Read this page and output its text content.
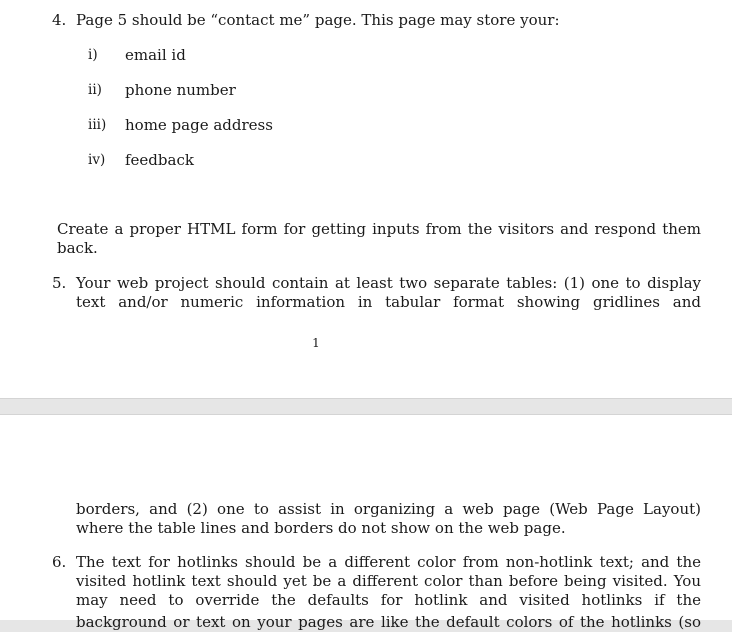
4. Page 5 should be “contact me” page. This page may store your:
i) email id
ii) phone number
iii) home page address
iv) feedback
Create a proper HTML form for getting inputs from the visitors and respond them
back.
5. Your web project should contain at least two separate tables: (1) one to display
text and/or numeric information in tabular format showing gridlines and
1
borders, and (2) one to assist in organizing a web page (Web Page Layout)
where the table lines and borders do not show on the web page.
6. The text for hotlinks should be a different color from non-hotlink text; and the
visited hotlink text should yet be a different color than before being visited. You
may need to override the defaults for hotlink and visited hotlinks if the
background or text on your pages are like the default colors of the hotlinks (so
